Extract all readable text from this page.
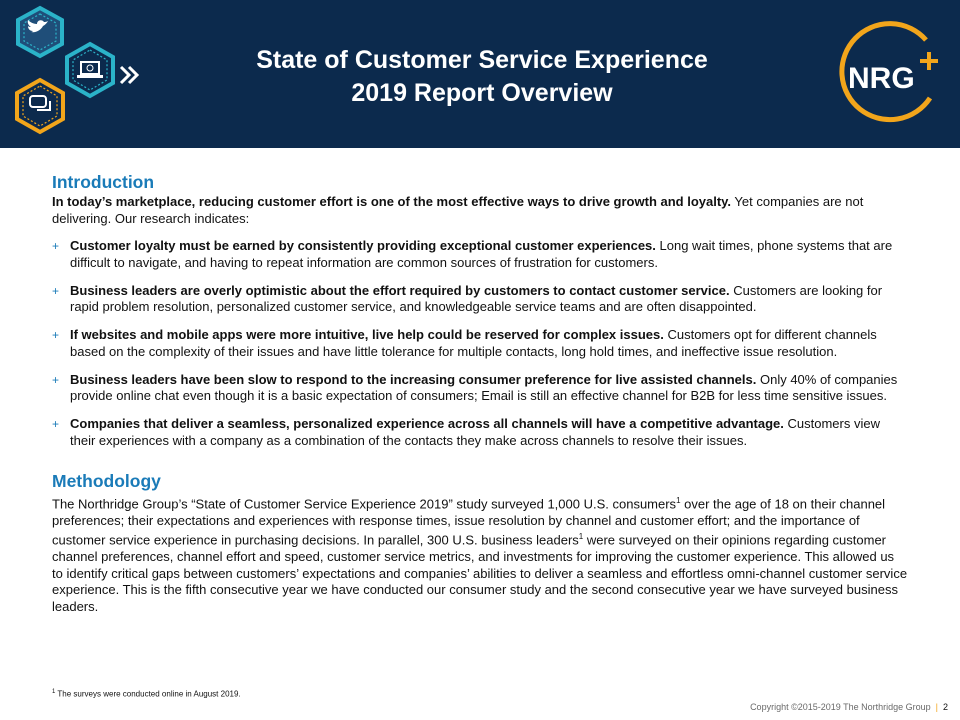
State of Customer Service Experience
2019 Report Overview	NRG
Introduction

In today’s marketplace, reducing customer effort is one of the most effective ways to drive growth and loyalty. Yet companies are not delivering. Our research indicates:

+ Customer loyalty must be earned by consistently providing exceptional customer experiences. Long wait times, phone systems that are difficult to navigate, and having to repeat information are common sources of frustration for customers.
+ Business leaders are overly optimistic about the effort required by customers to contact customer service. Customers are looking for rapid problem resolution, personalized customer service, and knowledgeable service teams and are often disappointed.
+ If websites and mobile apps were more intuitive, live help could be reserved for complex issues. Customers opt for different channels based on the complexity of their issues and have little tolerance for multiple contacts, long hold times, and ineffective issue resolution.
+ Business leaders have been slow to respond to the increasing consumer preference for live assisted channels. Only 40% of companies provide online chat even though it is a basic expectation of consumers; Email is still an effective channel for B2B for less time sensitive issues.
+ Companies that deliver a seamless, personalized experience across all channels will have a competitive advantage. Customers view their experiences with a company as a combination of the contacts they make across channels to resolve their issues.
Methodology

The Northridge Group’s “State of Customer Service Experience 2019” study surveyed 1,000 U.S. consumers$^1$ over the age of 18 on their channel preferences; their expectations and experiences with response times, issue resolution by channel and customer effort; and the importance of customer service experience in purchasing decisions. In parallel, 300 U.S. business leaders$^1$ were surveyed on their opinions regarding customer channel preferences, channel effort and speed, customer service metrics, and investments for improving the customer experience. This allowed us to identify critical gaps between customers’ expectations and companies’ abilities to deliver a seamless and effortless omni-channel customer service experience. This is the fifth consecutive year we have conducted our consumer study and the second consecutive year we have surveyed business leaders.

$^1$ The surveys were conducted online in August 2019.
Copyright ©2015-2019 The Northridge Group | 2
